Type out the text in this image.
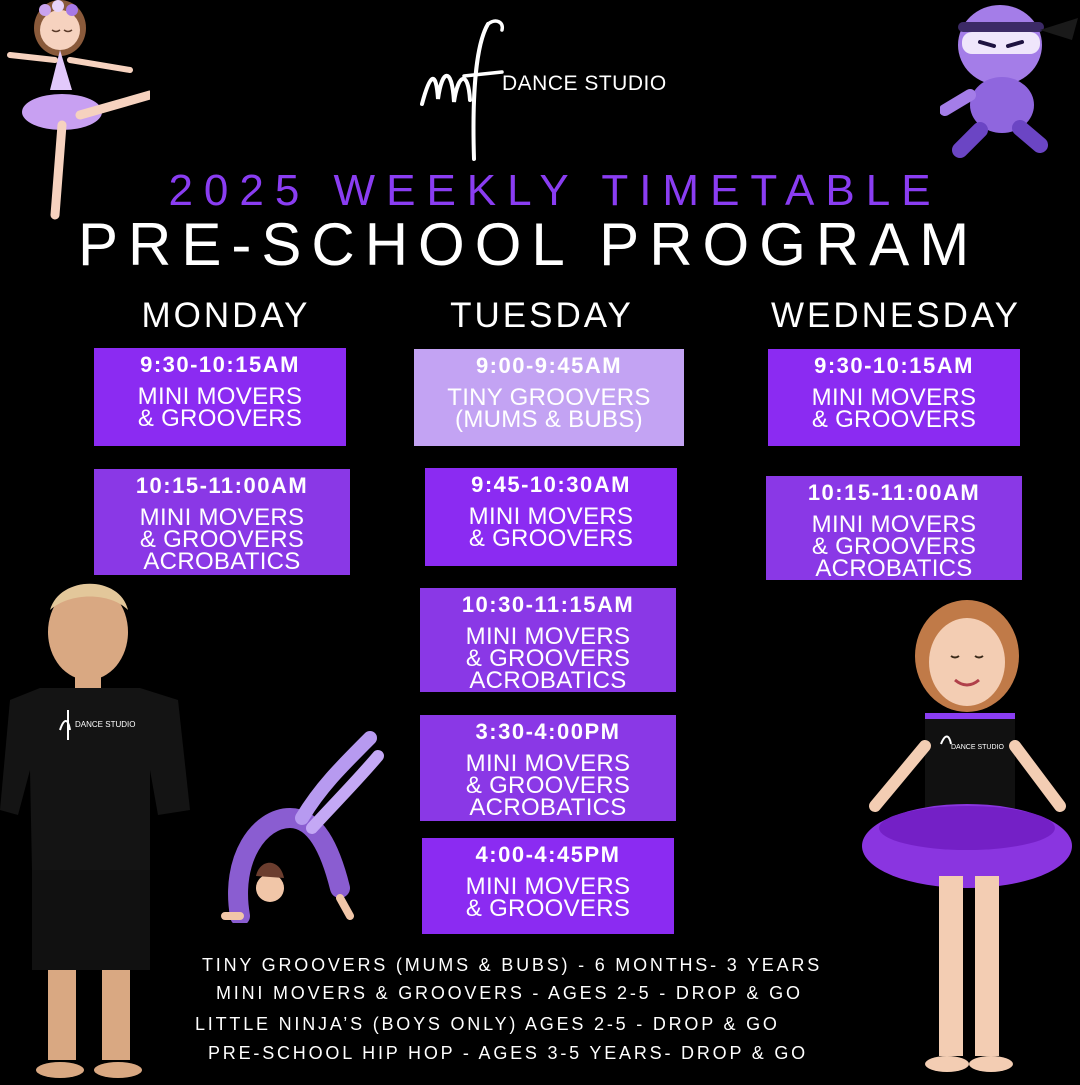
DANCE STUDIO
2025 WEEKLY TIMETABLE
PRE-SCHOOL PROGRAM
MONDAY	TUESDAY	WEDNESDAY
9:30-10:15AM
MINI MOVERS
& GROOVERS
10:15-11:00AM
MINI MOVERS
& GROOVERS
ACROBATICS
9:00-9:45AM
TINY GROOVERS
(MUMS & BUBS)
9:45-10:30AM
MINI MOVERS
& GROOVERS
10:30-11:15AM
MINI MOVERS
& GROOVERS
ACROBATICS
3:30-4:00PM
MINI MOVERS
& GROOVERS
ACROBATICS
4:00-4:45PM
MINI MOVERS
& GROOVERS
9:30-10:15AM
MINI MOVERS
& GROOVERS
10:15-11:00AM
MINI MOVERS
& GROOVERS
ACROBATICS
DANCE STUDIO
DANCE STUDIO
TINY GROOVERS (MUMS & BUBS) - 6 MONTHS- 3 YEARS
MINI MOVERS & GROOVERS - AGES 2-5 - DROP & GO
LITTLE NINJA’S (BOYS ONLY) AGES 2-5 - DROP & GO
PRE-SCHOOL HIP HOP - AGES 3-5 YEARS- DROP & GO
